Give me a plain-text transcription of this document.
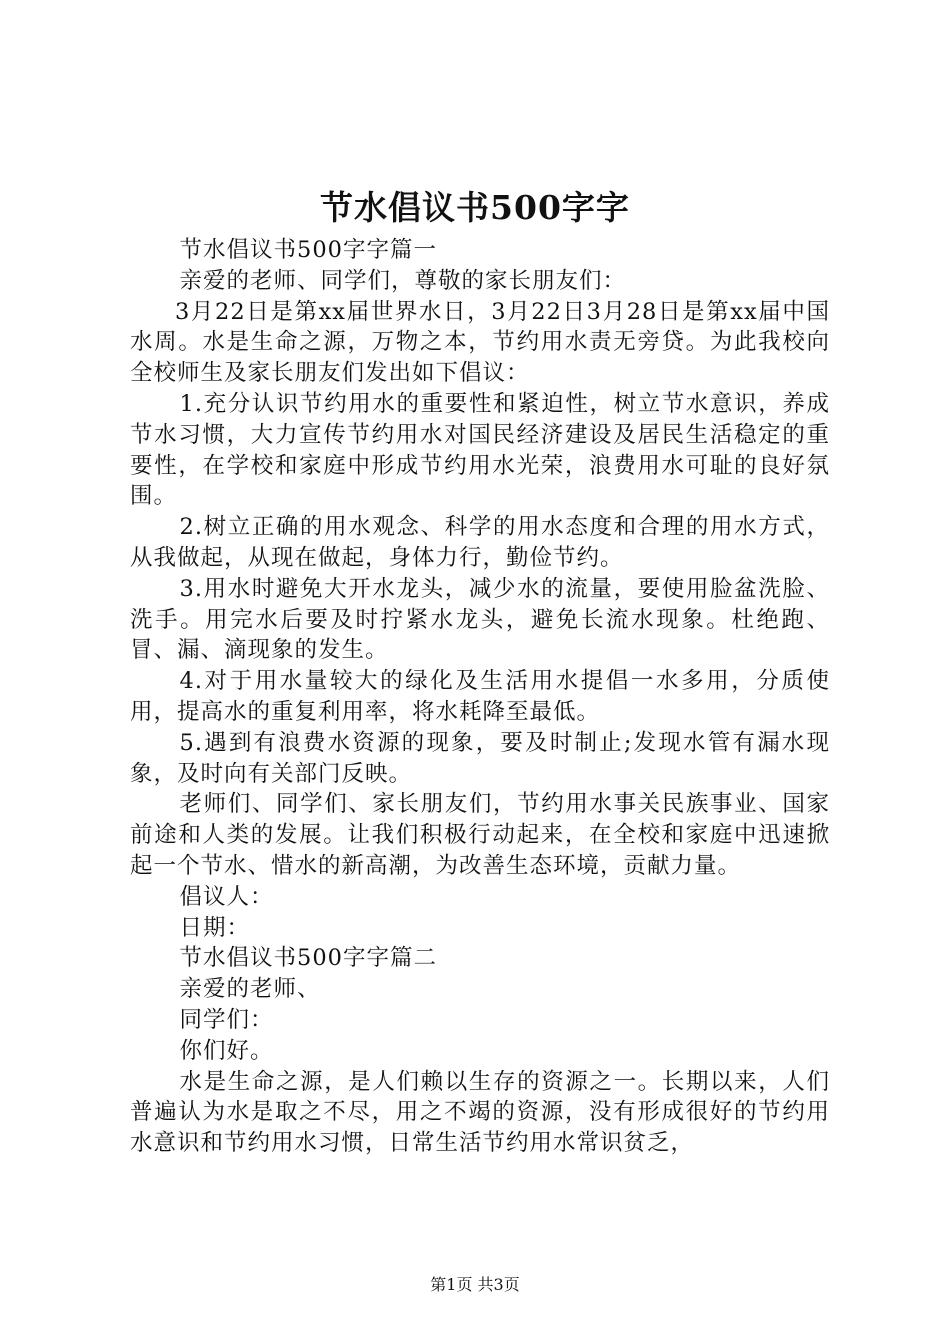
节水倡议书500字字

节水倡议书500字字篇一

亲爱的老师、同学们，尊敬的家长朋友们：

3月22日是第xx届世界水日，3月22日3月28日是第xx届中国水周。水是生命之源，万物之本，节约用水责无旁贷。为此我校向全校师生及家长朋友们发出如下倡议：

1.充分认识节约用水的重要性和紧迫性，树立节水意识，养成节水习惯，大力宣传节约用水对国民经济建设及居民生活稳定的重要性，在学校和家庭中形成节约用水光荣，浪费用水可耻的良好氛围。

2.树立正确的用水观念、科学的用水态度和合理的用水方式，从我做起，从现在做起，身体力行，勤俭节约。

3.用水时避免大开水龙头，减少水的流量，要使用脸盆洗脸、洗手。用完水后要及时拧紧水龙头，避免长流水现象。杜绝跑、冒、漏、滴现象的发生。

4.对于用水量较大的绿化及生活用水提倡一水多用，分质使用，提高水的重复利用率，将水耗降至最低。

5.遇到有浪费水资源的现象，要及时制止;发现水管有漏水现象，及时向有关部门反映。

老师们、同学们、家长朋友们，节约用水事关民族事业、国家前途和人类的发展。让我们积极行动起来，在全校和家庭中迅速掀起一个节水、惜水的新高潮，为改善生态环境，贡献力量。

倡议人：

日期：

节水倡议书500字字篇二

亲爱的老师、

同学们：

你们好。

水是生命之源，是人们赖以生存的资源之一。长期以来，人们普遍认为水是取之不尽，用之不竭的资源，没有形成很好的节约用水意识和节约用水习惯，日常生活节约用水常识贫乏，

第1页 共3页
